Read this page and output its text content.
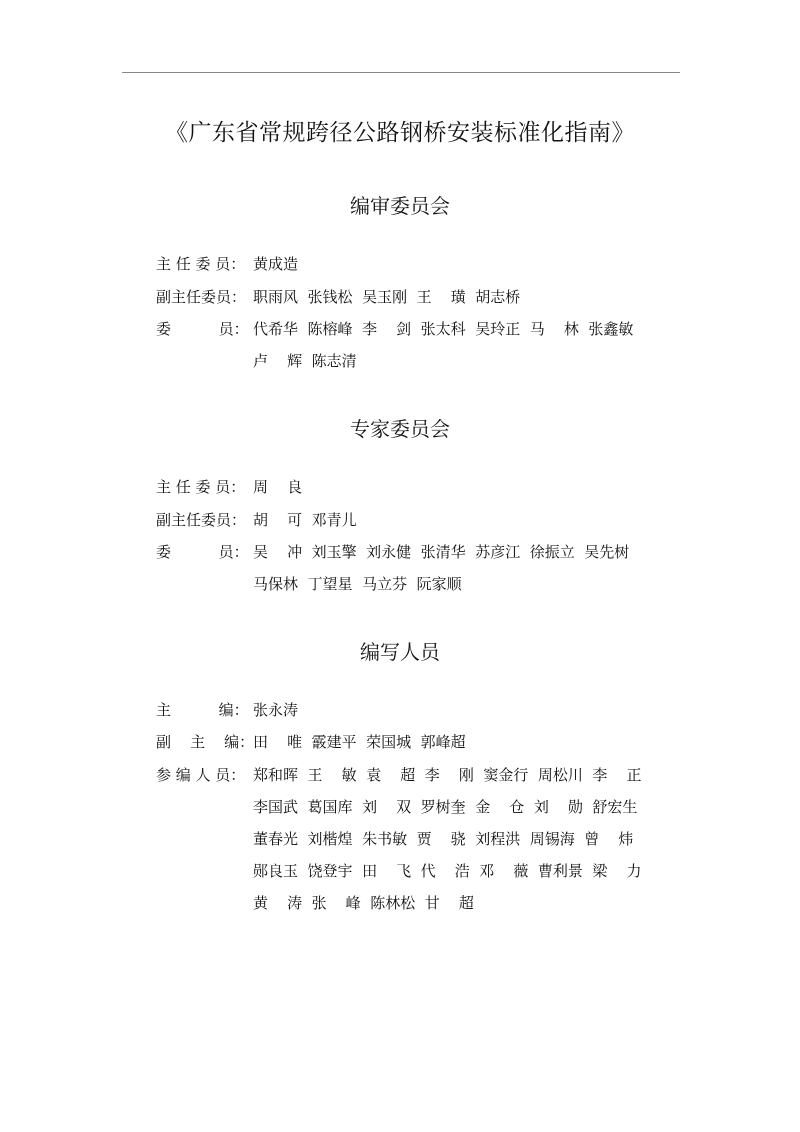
《广东省常规跨径公路钢桥安装标准化指南》
编审委员会
主 任 委 员： 黄成造
副主任委员： 职雨风  张钱松  吴玉刚  王    璜  胡志桥
委          员： 代希华  陈榕峰  李    剑  张太科  吴玲正  马    林  张鑫敏
卢    辉  陈志清
专家委员会
主 任 委 员： 周    良
副主任委员： 胡    可  邓青儿
委          员： 吴    冲  刘玉擎  刘永健  张清华  苏彦江  徐振立  吴先树
马保林  丁望星  马立芬  阮家顺
编写人员
主          编： 张永涛
副    主    编：
田    唯  霰建平  荣国城  郭峰超
参 编 人 员： 郑和晖  王    敏  袁    超  李    刚  窦金行  周松川  李    正
李国武  葛国库  刘    双  罗树奎  金    仓  刘    勋  舒宏生
董春光  刘楷煌  朱书敏  贾    骁  刘程洪  周锡海  曾    炜
郧良玉  饶登宇  田    飞  代    浩  邓    薇  曹利景  梁    力
黄    涛  张    峰  陈林松  甘    超
